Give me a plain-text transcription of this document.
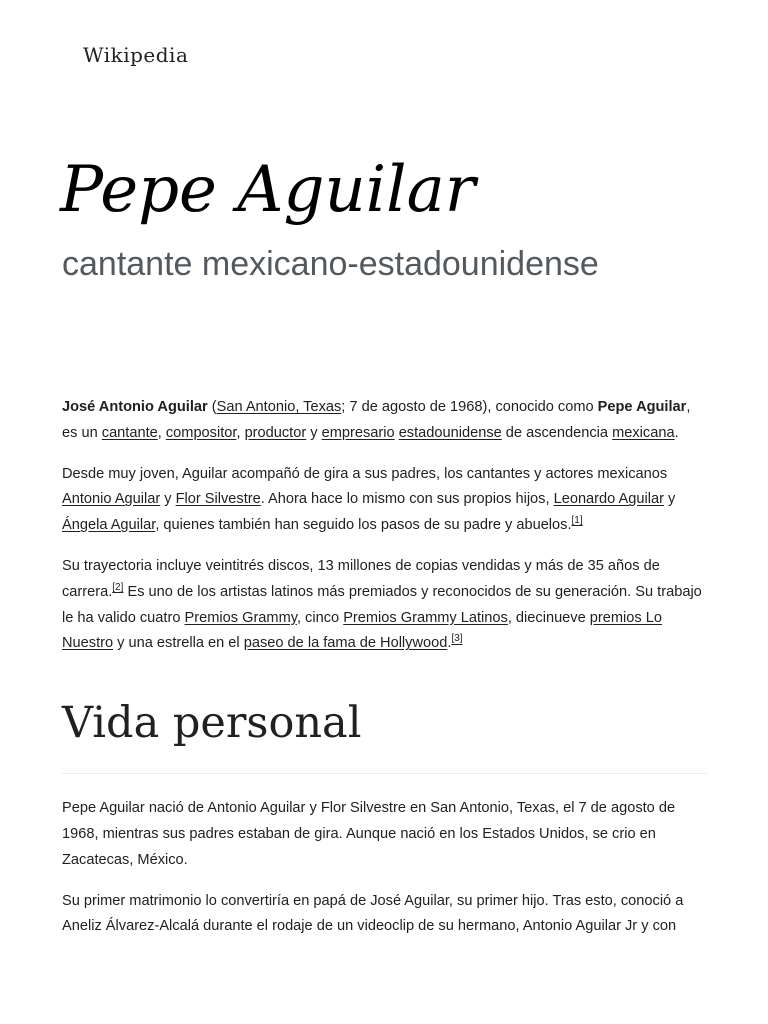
Wikipedia
Pepe Aguilar
cantante mexicano-estadounidense

José Antonio Aguilar (San Antonio, Texas; 7 de agosto de 1968), conocido como Pepe Aguilar, es un cantante, compositor, productor y empresario estadounidense de ascendencia mexicana.

Desde muy joven, Aguilar acompañó de gira a sus padres, los cantantes y actores mexicanos Antonio Aguilar y Flor Silvestre. Ahora hace lo mismo con sus propios hijos, Leonardo Aguilar y Ángela Aguilar, quienes también han seguido los pasos de su padre y abuelos.[1]

Su trayectoria incluye veintitrés discos, 13 millones de copias vendidas y más de 35 años de carrera.[2] Es uno de los artistas latinos más premiados y reconocidos de su generación. Su trabajo le ha valido cuatro Premios Grammy, cinco Premios Grammy Latinos, diecinueve premios Lo Nuestro y una estrella en el paseo de la fama de Hollywood.[3]

Vida personal

Pepe Aguilar nació de Antonio Aguilar y Flor Silvestre en San Antonio, Texas, el 7 de agosto de 1968, mientras sus padres estaban de gira. Aunque nació en los Estados Unidos, se crio en Zacatecas, México.

Su primer matrimonio lo convertiría en papá de José Aguilar, su primer hijo. Tras esto, conoció a Aneliz Álvarez-Alcalá durante el rodaje de un videoclip de su hermano, Antonio Aguilar Jr y con
